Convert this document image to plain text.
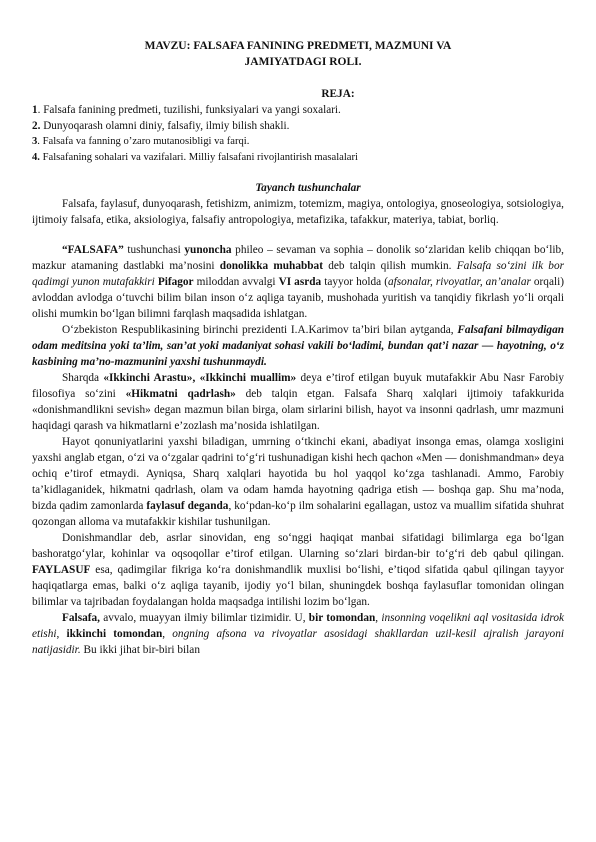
MAVZU: FALSAFA FANINING PREDMETI, MAZMUNI VA
JAMIYATDAGI ROLI.
REJA:
1. Falsafa fanining predmeti, tuzilishi, funksiyalari va yangi soxalari.
2. Dunyoqarash olamni diniy, falsafiy, ilmiy bilish shakli.
3. Falsafa va fanning o’zaro mutanosibligi va farqi.
4. Falsafaning sohalari va vazifalari. Milliy falsafani rivojlantirish masalalari
Tayanch tushunchalar

Falsafa, faylasuf, dunyoqarash, fetishizm, animizm, totemizm, magiya, ontologiya, gnoseologiya, sotsiologiya, ijtimoiy falsafa, etika, aksiologiya, falsafiy antropologiya, metafizika, tafakkur, materiya, tabiat, borliq.

“FALSAFA” tushunchasi yunoncha phileo – sevaman va sophia – donolik so‘zlaridan kelib chiqqan bo‘lib, mazkur atamaning dastlabki ma’nosini donolikka muhabbat deb talqin qilish mumkin. Falsafa so‘zini ilk bor qadimgi yunon mutafakkiri Pifagor miloddan avvalgi VI asrda tayyor holda (afsonalar, rivoyatlar, an’analar orqali) avloddan avlodga o‘tuvchi bilim bilan inson o‘z aqliga tayanib, mushohada yuritish va tanqidiy fikrlash yo‘li orqali olishi mumkin bo‘lgan bilimni farqlash maqsadida ishlatgan.

O‘zbekiston Respublikasining birinchi prezidenti I.A.Karimov ta’biri bilan aytganda, Falsafani bilmaydigan odam meditsina yoki ta’lim, san’at yoki madaniyat sohasi vakili bo‘ladimi, bundan qat’i nazar — hayotning, o‘z kasbining ma’no-mazmunini yaxshi tushunmaydi.

Sharqda «Ikkinchi Arastu», «Ikkinchi muallim» deya e’tirof etilgan buyuk mutafakkir Abu Nasr Farobiy filosofiya so‘zini «Hikmatni qadrlash» deb talqin etgan. Falsafa Sharq xalqlari ijtimoiy tafakkurida «donishmandlikni sevish» degan mazmun bilan birga, olam sirlarini bilish, hayot va insonni qadrlash, umr mazmuni haqidagi qarash va hikmatlarni e’zozlash ma’nosida ishlatilgan.

Hayot qonuniyatlarini yaxshi biladigan, umrning o‘tkinchi ekani, abadiyat insonga emas, olamga xosligini yaxshi anglab etgan, o‘zi va o‘zgalar qadrini to‘g‘ri tushunadigan kishi hech qachon «Men — donishmandman» deya ochiq e’tirof etmaydi. Ayniqsa, Sharq xalqlari hayotida bu hol yaqqol ko‘zga tashlanadi. Ammo, Farobiy ta’kidlaganidek, hikmatni qadrlash, olam va odam hamda hayotning qadriga etish — boshqa gap. Shu ma’noda, bizda qadim zamonlarda faylasuf deganda, ko‘pdan-ko‘p ilm sohalarini egallagan, ustoz va muallim sifatida shuhrat qozongan alloma va mutafakkir kishilar tushunilgan.

Donishmandlar deb, asrlar sinovidan, eng so‘nggi haqiqat manbai sifatidagi bilimlarga ega bo‘lgan bashoratgo‘ylar, kohinlar va oqsoqollar e’tirof etilgan. Ularning so‘zlari birdan-bir to‘g‘ri deb qabul qilingan. FAYLASUF esa, qadimgilar fikriga ko‘ra donishmandlik muxlisi bo‘lishi, e’tiqod sifatida qabul qilingan tayyor haqiqatlarga emas, balki o‘z aqliga tayanib, ijodiy yo‘l bilan, shuningdek boshqa faylasuflar tomonidan olingan bilimlar va tajribadan foydalangan holda maqsadga intilishi lozim bo‘lgan.

Falsafa, avvalo, muayyan ilmiy bilimlar tizimidir. U, bir tomondan, insonning voqelikni aql vositasida idrok etishi, ikkinchi tomondan, ongning afsona va rivoyatlar asosidagi shakllardan uzil-kesil ajralish jarayoni natijasidir. Bu ikki jihat bir-biri bilan
